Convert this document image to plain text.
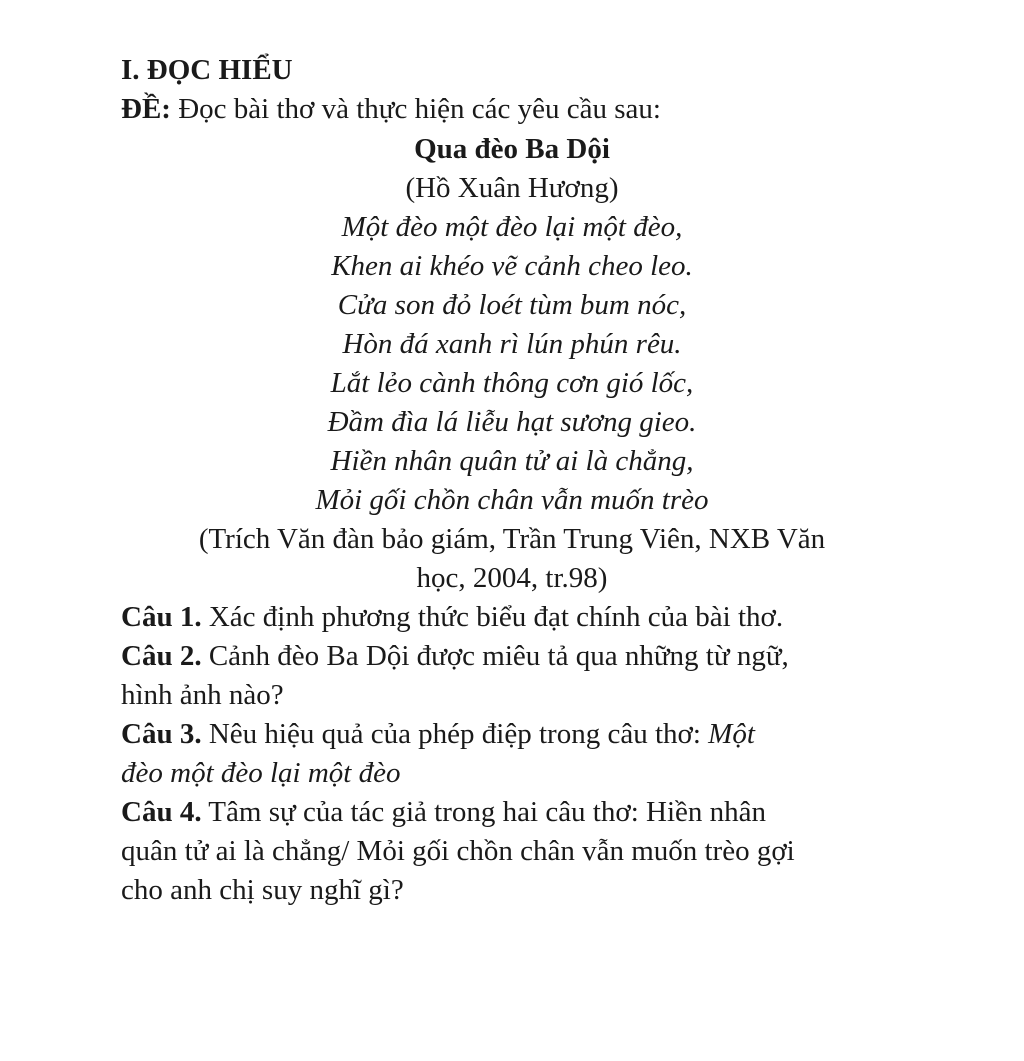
I. ĐỌC HIỂU
ĐỀ: Đọc bài thơ và thực hiện các yêu cầu sau:
Qua đèo Ba Dội
(Hồ Xuân Hương)
Một đèo một đèo lại một đèo,
Khen ai khéo vẽ cảnh cheo leo.
Cửa son đỏ loét tùm bum nóc,
Hòn đá xanh rì lún phún rêu.
Lắt lẻo cành thông cơn gió lốc,
Đầm đìa lá liễu hạt sương gieo.
Hiền nhân quân tử ai là chẳng,
Mỏi gối chồn chân vẫn muốn trèo
(Trích Văn đàn bảo giám, Trần Trung Viên, NXB Văn
học, 2004, tr.98)
Câu 1. Xác định phương thức biểu đạt chính của bài thơ.
Câu 2. Cảnh đèo Ba Dội được miêu tả qua những từ ngữ,
hình ảnh nào?
Câu 3. Nêu hiệu quả của phép điệp trong câu thơ: Một
đèo một đèo lại một đèo
Câu 4. Tâm sự của tác giả trong hai câu thơ: Hiền nhân
quân tử ai là chẳng/ Mỏi gối chồn chân vẫn muốn trèo gợi
cho anh chị suy nghĩ gì?
